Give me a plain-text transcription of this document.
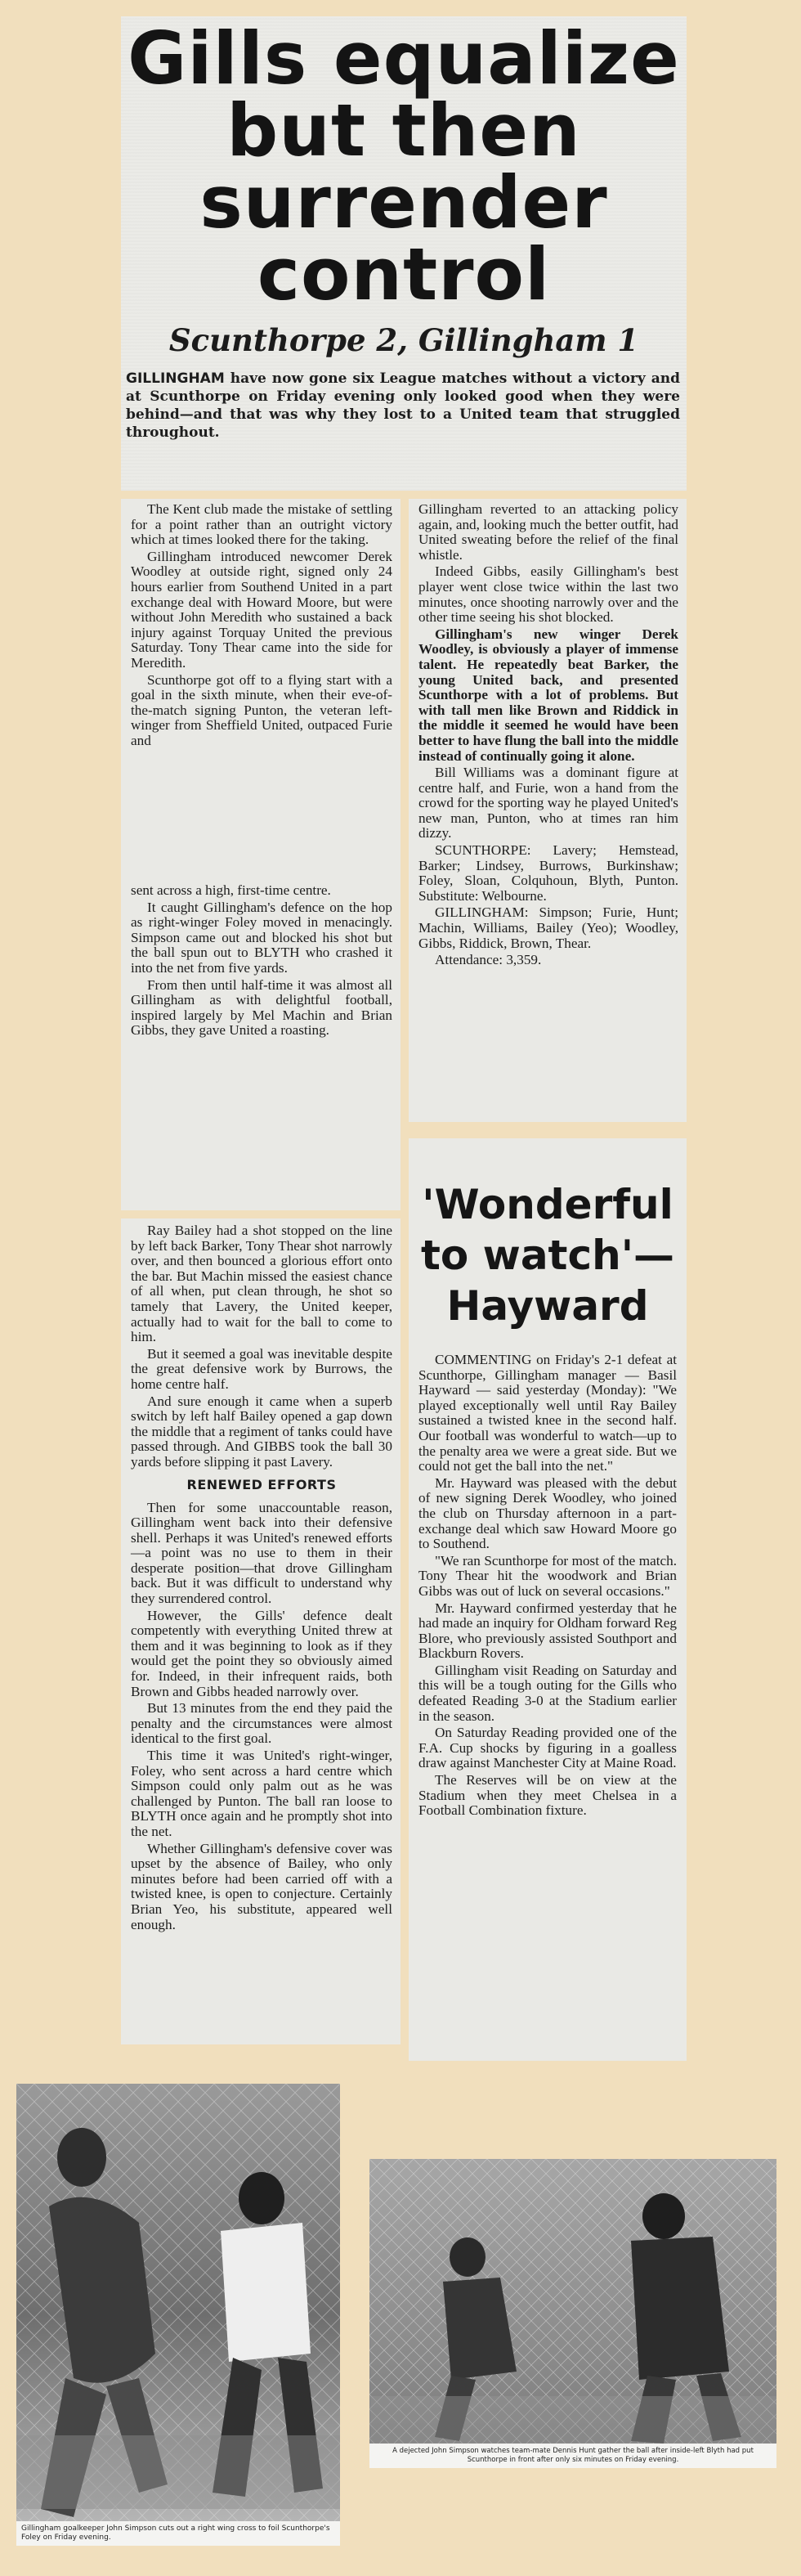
Gills equalize
but then
surrender
control
Scunthorpe 2, Gillingham 1
GILLINGHAM have now gone six League matches without a victory and at Scunthorpe on Friday evening only looked good when they were behind—and that was why they lost to a United team that struggled throughout.

The Kent club made the mistake of settling for a point rather than an outright victory which at times looked there for the taking.

Gillingham introduced newcomer Derek Woodley at outside right, signed only 24 hours earlier from Southend United in a part exchange deal with Howard Moore, but were without John Meredith who sustained a back injury against Torquay United the previous Saturday. Tony Thear came into the side for Meredith.

Scunthorpe got off to a flying start with a goal in the sixth minute, when their eve-of-the-match signing Punton, the veteran left-winger from Sheffield United, outpaced Furie and

sent across a high, first-time centre.

It caught Gillingham's defence on the hop as right-winger Foley moved in menacingly. Simpson came out and blocked his shot but the ball spun out to BLYTH who crashed it into the net from five yards.

From then until half-time it was almost all Gillingham as with delightful football, inspired largely by Mel Machin and Brian Gibbs, they gave United a roasting.

Ray Bailey had a shot stopped on the line by left back Barker, Tony Thear shot narrowly over, and then bounced a glorious effort onto the bar. But Machin missed the easiest chance of all when, put clean through, he shot so tamely that Lavery, the United keeper, actually had to wait for the ball to come to him.

But it seemed a goal was inevitable despite the great defensive work by Burrows, the home centre half.

And sure enough it came when a superb switch by left half Bailey opened a gap down the middle that a regiment of tanks could have passed through. And GIBBS took the ball 30 yards before slipping it past Lavery.

RENEWED EFFORTS

Then for some unaccountable reason, Gillingham went back into their defensive shell. Perhaps it was United's renewed efforts—a point was no use to them in their desperate position—that drove Gillingham back. But it was difficult to understand why they surrendered control.

However, the Gills' defence dealt competently with everything United threw at them and it was beginning to look as if they would get the point they so obviously aimed for. Indeed, in their infrequent raids, both Brown and Gibbs headed narrowly over.

But 13 minutes from the end they paid the penalty and the circumstances were almost identical to the first goal.

This time it was United's right-winger, Foley, who sent across a hard centre which Simpson could only palm out as he was challenged by Punton. The ball ran loose to BLYTH once again and he promptly shot into the net.

Whether Gillingham's defensive cover was upset by the absence of Bailey, who only minutes before had been carried off with a twisted knee, is open to conjecture. Certainly Brian Yeo, his substitute, appeared well enough.

Gillingham reverted to an attacking policy again, and, looking much the better outfit, had United sweating before the relief of the final whistle.

Indeed Gibbs, easily Gillingham's best player went close twice within the last two minutes, once shooting narrowly over and the other time seeing his shot blocked.

Gillingham's new winger Derek Woodley, is obviously a player of immense talent. He repeatedly beat Barker, the young United back, and presented Scunthorpe with a lot of problems. But with tall men like Brown and Riddick in the middle it seemed he would have been better to have flung the ball into the middle instead of continually going it alone.

Bill Williams was a dominant figure at centre half, and Furie, won a hand from the crowd for the sporting way he played United's new man, Punton, who at times ran him dizzy.

SCUNTHORPE: Lavery; Hemstead, Barker; Lindsey, Burrows, Burkinshaw; Foley, Sloan, Colquhoun, Blyth, Punton. Substitute: Welbourne.

GILLINGHAM: Simpson; Furie, Hunt; Machin, Williams, Bailey (Yeo); Woodley, Gibbs, Riddick, Brown, Thear.

Attendance: 3,359.

'Wonderful to watch'— Hayward

COMMENTING on Friday's 2-1 defeat at Scunthorpe, Gillingham manager — Basil Hayward — said yesterday (Monday): "We played exceptionally well until Ray Bailey sustained a twisted knee in the second half. Our football was wonderful to watch—up to the penalty area we were a great side. But we could not get the ball into the net."

Mr. Hayward was pleased with the debut of new signing Derek Woodley, who joined the club on Thursday afternoon in a part-exchange deal which saw Howard Moore go to Southend.

"We ran Scunthorpe for most of the match. Tony Thear hit the woodwork and Brian Gibbs was out of luck on several occasions."

Mr. Hayward confirmed yesterday that he had made an inquiry for Oldham forward Reg Blore, who previously assisted Southport and Blackburn Rovers.

Gillingham visit Reading on Saturday and this will be a tough outing for the Gills who defeated Reading 3-0 at the Stadium earlier in the season.

On Saturday Reading provided one of the F.A. Cup shocks by figuring in a goalless draw against Manchester City at Maine Road.

The Reserves will be on view at the Stadium when they meet Chelsea in a Football Combination fixture.

Gillingham goalkeeper John Simpson cuts out a right wing cross to foil Scunthorpe's Foley on Friday evening.
A dejected John Simpson watches team-mate Dennis Hunt gather the ball after inside-left Blyth had put Scunthorpe in front after only six minutes on Friday evening.
